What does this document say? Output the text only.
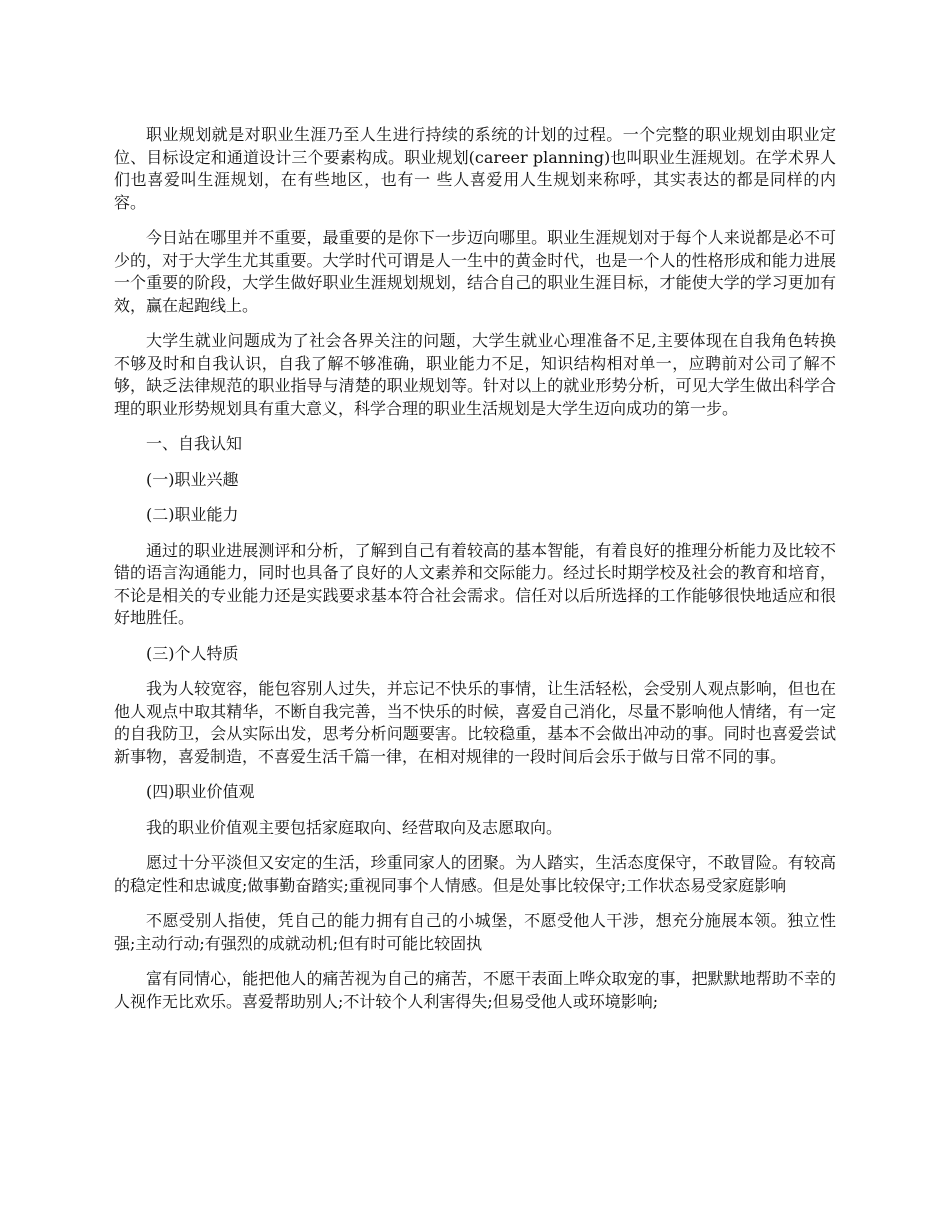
职业规划就是对职业生涯乃至人生进行持续的系统的计划的过程。一个完整的职业规划由职业定位、目标设定和通道设计三个要素构成。职业规划(career planning)也叫职业生涯规划。在学术界人们也喜爱叫生涯规划，在有些地区，也有一 些人喜爱用人生规划来称呼，其实表达的都是同样的内容。

今日站在哪里并不重要，最重要的是你下一步迈向哪里。职业生涯规划对于每个人来说都是必不可少的，对于大学生尤其重要。大学时代可谓是人一生中的黄金时代，也是一个人的性格形成和能力进展一个重要的阶段，大学生做好职业生涯规划规划，结合自己的职业生涯目标，才能使大学的学习更加有效，赢在起跑线上。

大学生就业问题成为了社会各界关注的问题，大学生就业心理准备不足,主要体现在自我角色转换不够及时和自我认识，自我了解不够准确，职业能力不足，知识结构相对单一，应聘前对公司了解不够，缺乏法律规范的职业指导与清楚的职业规划等。针对以上的就业形势分析，可见大学生做出科学合理的职业形势规划具有重大意义，科学合理的职业生活规划是大学生迈向成功的第一步。

一、自我认知

(一)职业兴趣

(二)职业能力

通过的职业进展测评和分析，了解到自己有着较高的基本智能，有着良好的推理分析能力及比较不错的语言沟通能力，同时也具备了良好的人文素养和交际能力。经过长时期学校及社会的教育和培育，不论是相关的专业能力还是实践要求基本符合社会需求。信任对以后所选择的工作能够很快地适应和很好地胜任。

(三)个人特质

我为人较宽容，能包容别人过失，并忘记不快乐的事情，让生活轻松，会受别人观点影响，但也在他人观点中取其精华，不断自我完善，当不快乐的时候，喜爱自己消化，尽量不影响他人情绪，有一定的自我防卫，会从实际出发，思考分析问题要害。比较稳重，基本不会做出冲动的事。同时也喜爱尝试新事物，喜爱制造，不喜爱生活千篇一律，在相对规律的一段时间后会乐于做与日常不同的事。

(四)职业价值观

我的职业价值观主要包括家庭取向、经营取向及志愿取向。

愿过十分平淡但又安定的生活，珍重同家人的团聚。为人踏实，生活态度保守，不敢冒险。有较高的稳定性和忠诚度;做事勤奋踏实;重视同事个人情感。但是处事比较保守;工作状态易受家庭影响

不愿受别人指使，凭自己的能力拥有自己的小城堡，不愿受他人干涉，想充分施展本领。独立性强;主动行动;有强烈的成就动机;但有时可能比较固执

富有同情心，能把他人的痛苦视为自己的痛苦，不愿干表面上哗众取宠的事，把默默地帮助不幸的人视作无比欢乐。喜爱帮助别人;不计较个人利害得失;但易受他人或环境影响;
